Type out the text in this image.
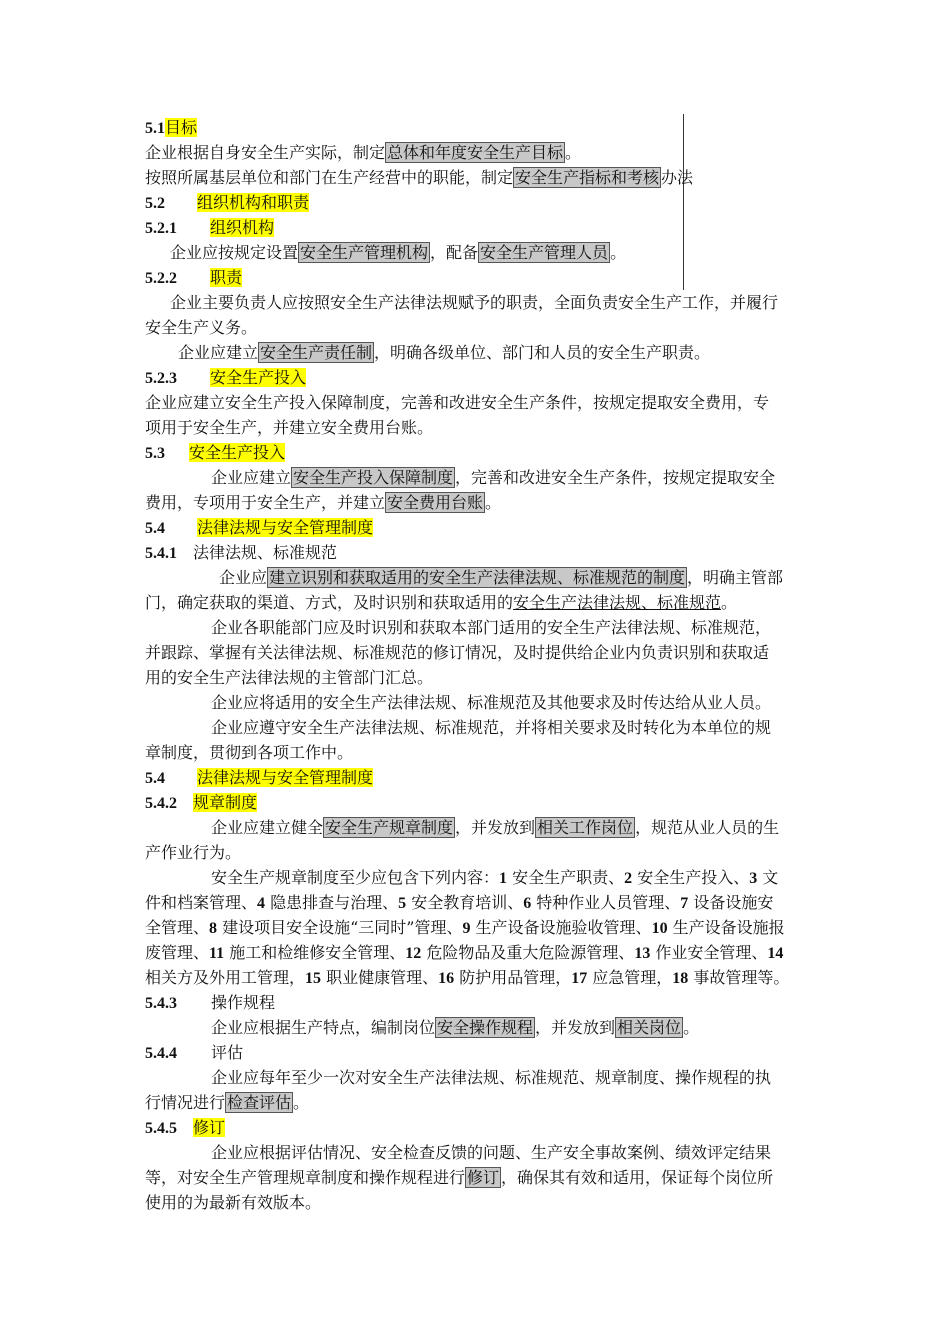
5.1目标
企业根据自身安全生产实际，制定 总体和年度安全生产目标 。
按照所属基层单位和部门在生产经营中的职能，制定 安全生产指标和考核 办法
5.2 组织机构和职责
5.2.1 组织机构
企业应按规定设置 安全生产管理机构 ，配备 安全生产管理人员 。
5.2.2 职责
企业主要负责人应按照安全生产法律法规赋予的职责，全面负责安全生产工作，并履行
安全生产义务。
企业应建立 安全生产责任制 ，明确各级单位、部门和人员的安全生产职责。
5.2.3 安全生产投入
企业应建立安全生产投入保障制度，完善和改进安全生产条件，按规定提取安全费用，专
项用于安全生产，并建立安全费用台账。
5.3 安全生产投入
企业应建立 安全生产投入保障制度 ，完善和改进安全生产条件，按规定提取安全
费用，专项用于安全生产，并建立 安全费用台账 。
5.4 法律法规与安全管理制度
5.4.1 法律法规、标准规范
企业应 建立识别和获取适用的安全生产法律法规、标准规范的制度 ，明确主管部
门，确定获取的渠道、方式，及时识别和获取适用的安全生产法律法规、标准规范。
企业各职能部门应及时识别和获取本部门适用的安全生产法律法规、标准规范，
并跟踪、掌握有关法律法规、标准规范的修订情况，及时提供给企业内负责识别和获取适
用的安全生产法律法规的主管部门汇总。
企业应将适用的安全生产法律法规、标准规范及其他要求及时传达给从业人员。
企业应遵守安全生产法律法规、标准规范，并将相关要求及时转化为本单位的规
章制度，贯彻到各项工作中。
5.4 法律法规与安全管理制度
5.4.2 规章制度
企业应建立健全 安全生产规章制度 ，并发放到 相关工作岗位 ，规范从业人员的生
产作业行为。
安全生产规章制度至少应包含下列内容：1 安全生产职责、2 安全生产投入、3 文
件和档案管理、4 隐患排查与治理、5 安全教育培训、6 特种作业人员管理、7 设备设施安
全管理、8 建设项目安全设施“三同时”管理、9 生产设备设施验收管理、10 生产设备设施报
废管理、11 施工和检维修安全管理、12 危险物品及重大危险源管理、13 作业安全管理、14
相关方及外用工管理，15 职业健康管理、16 防护用品管理，17 应急管理，18 事故管理等。
5.4.3 操作规程
企业应根据生产特点，编制岗位 安全操作规程 ，并发放到 相关岗位 。
5.4.4 评估
企业应每年至少一次对安全生产法律法规、标准规范、规章制度、操作规程的执
行情况进行 检查评估 。
5.4.5 修订
企业应根据评估情况、安全检查反馈的问题、生产安全事故案例、绩效评定结果
等，对安全生产管理规章制度和操作规程进行 修订 ，确保其有效和适用，保证每个岗位所
使用的为最新有效版本。
